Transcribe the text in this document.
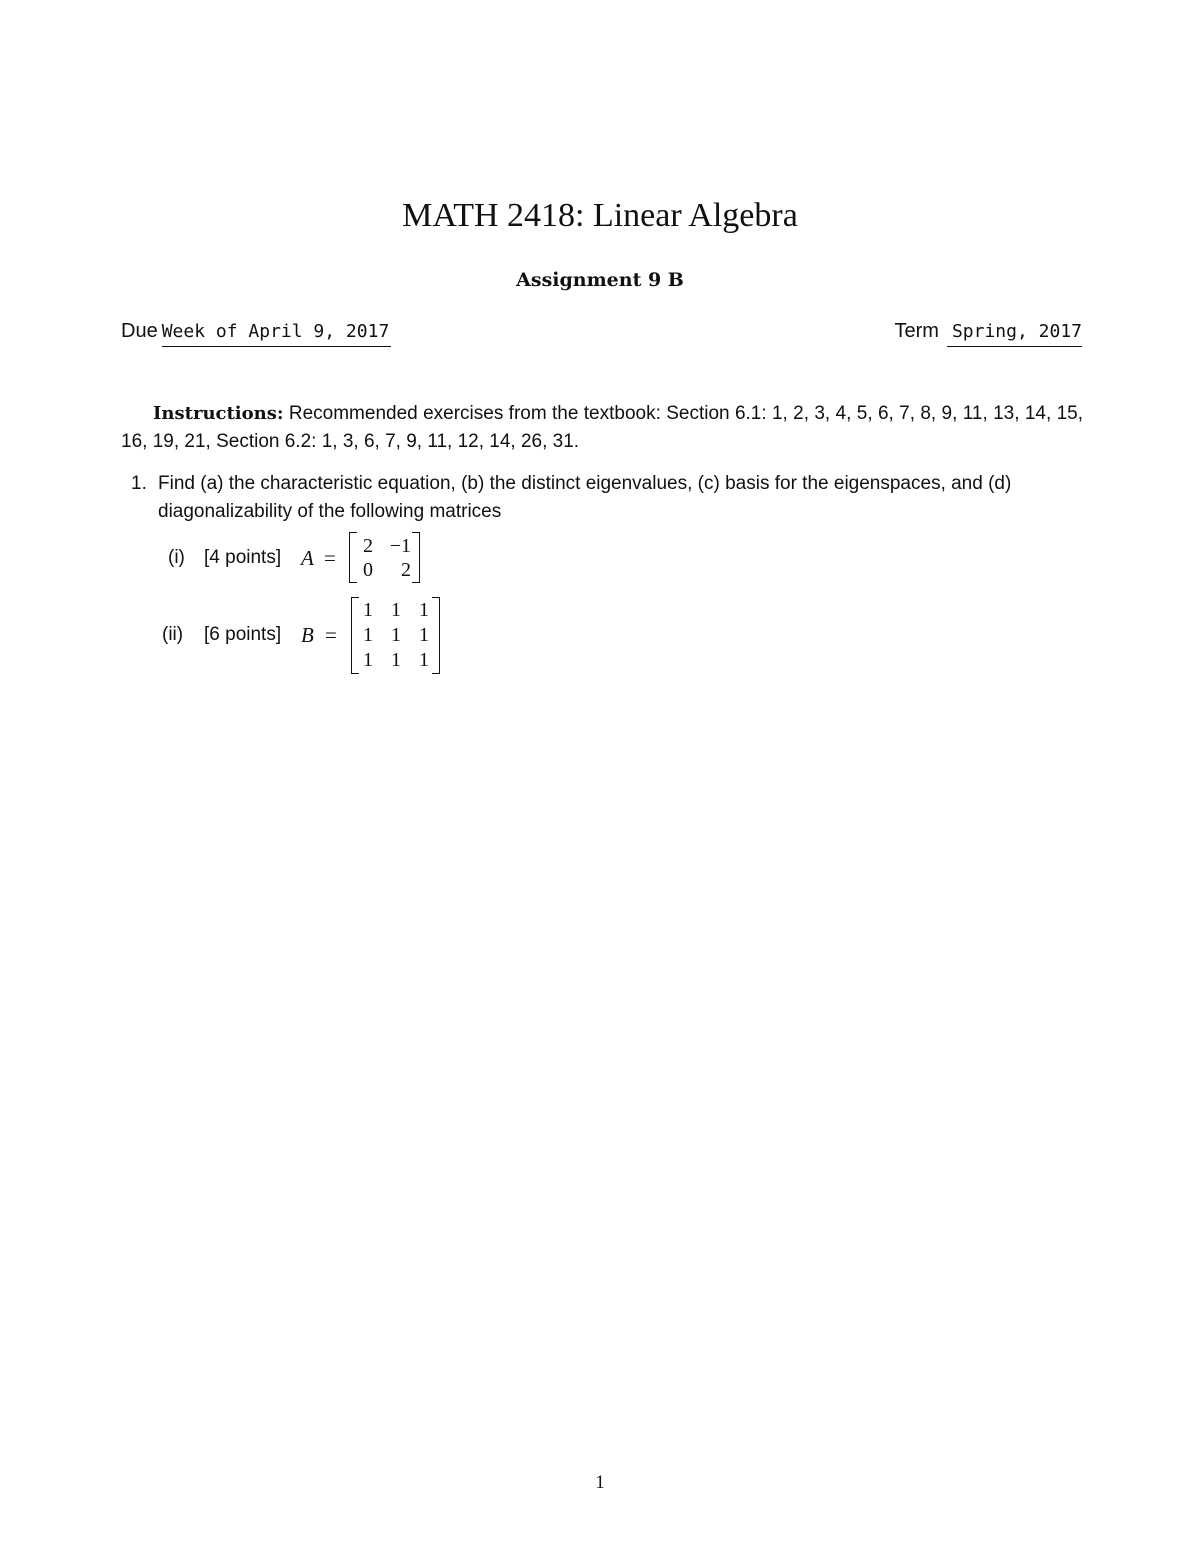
MATH 2418: Linear Algebra
Assignment 9 B
Due Week of April 9, 2017	Term Spring, 2017
Instructions: Recommended exercises from the textbook: Section 6.1: 1, 2, 3, 4, 5, 6, 7, 8, 9, 11, 13, 14, 15, 16, 19, 21, Section 6.2: 1, 3, 6, 7, 9, 11, 12, 14, 26, 31.
1. Find (a) the characteristic equation, (b) the distinct eigenvalues, (c) basis for the eigenspaces, and (d) diagonalizability of the following matrices
(i) [4 points] A = 2 −1
0	2
(ii) [6 points] B =
1 1 1
1 1 1
1 1 1
1
